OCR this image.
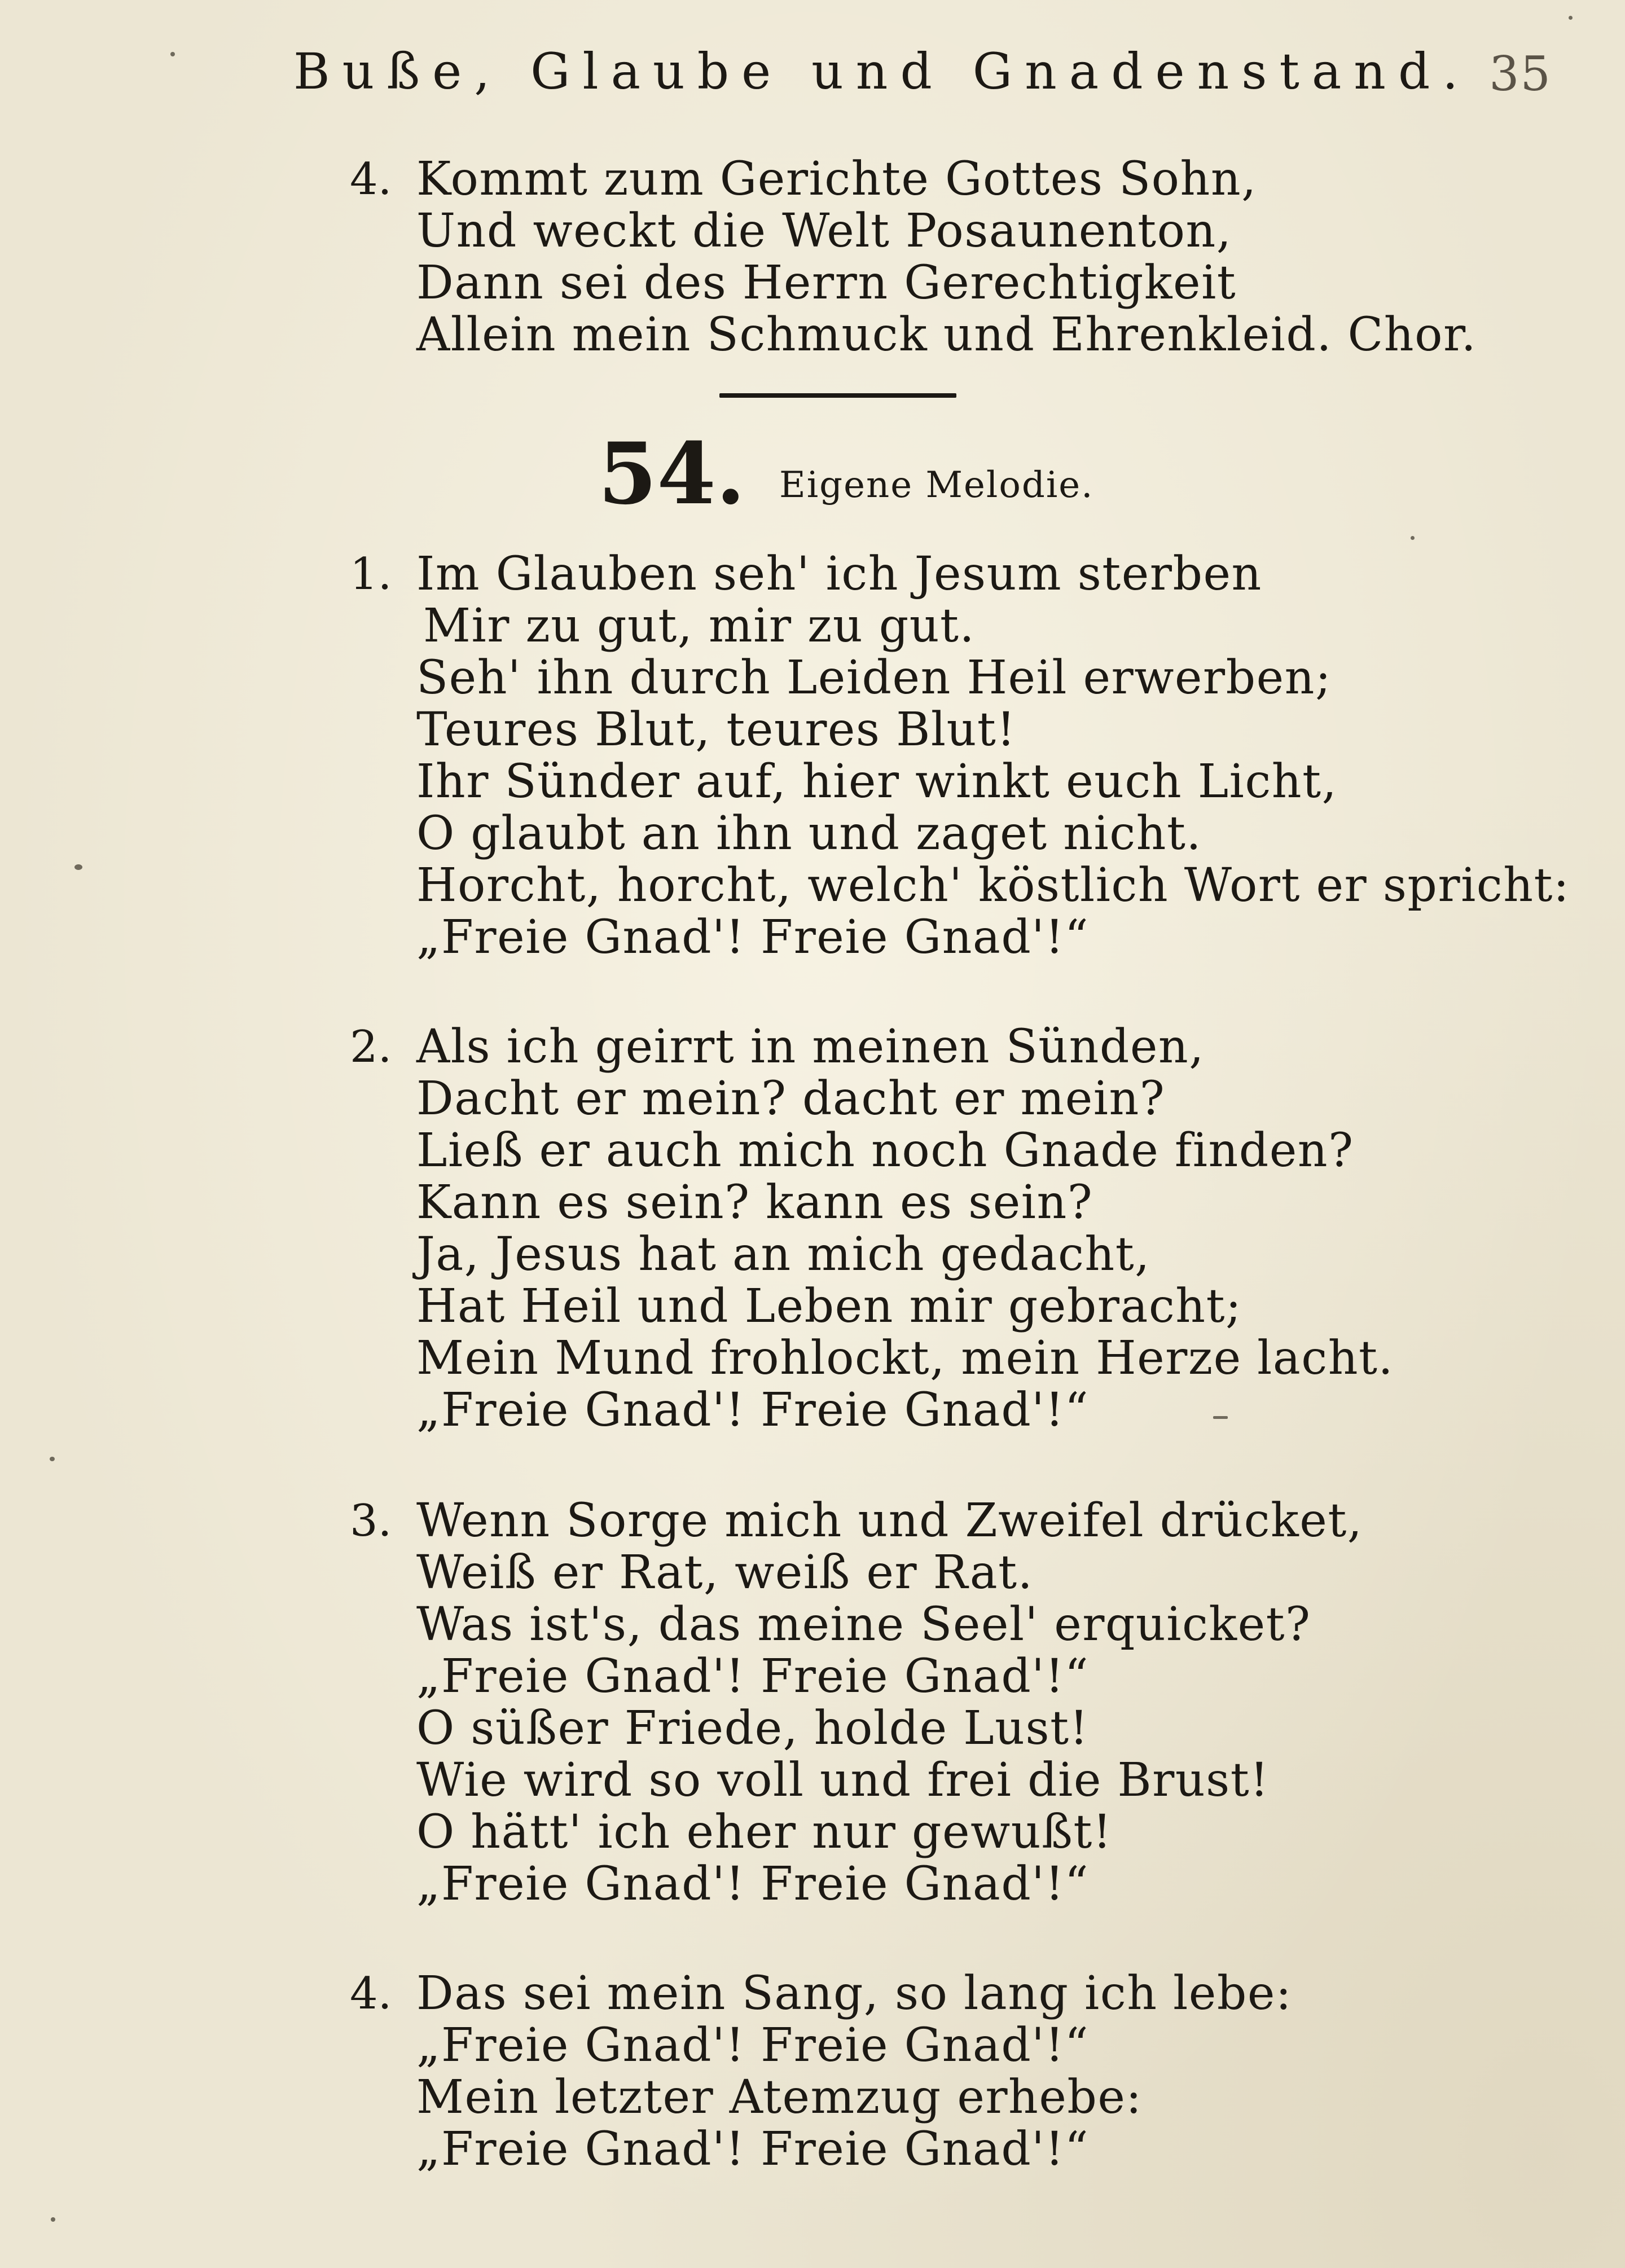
Buße, Glaube und Gnadenstand. 35
4. Kommt zum Gerichte Gottes Sohn,
Und weckt die Welt Posaunenton,
Dann sei des Herrn Gerechtigkeit
Allein mein Schmuck und Ehrenkleid. Chor.
54. Eigene Melodie.
1. Im Glauben seh' ich Jesum sterben
Mir zu gut, mir zu gut.
Seh' ihn durch Leiden Heil erwerben;
Teures Blut, teures Blut!
Ihr Sünder auf, hier winkt euch Licht,
O glaubt an ihn und zaget nicht.
Horcht, horcht, welch' köstlich Wort er spricht:
„Freie Gnad'! Freie Gnad'!“
2. Als ich geirrt in meinen Sünden,
Dacht er mein? dacht er mein?
Ließ er auch mich noch Gnade finden?
Kann es sein? kann es sein?
Ja, Jesus hat an mich gedacht,
Hat Heil und Leben mir gebracht;
Mein Mund frohlockt, mein Herze lacht.
„Freie Gnad'! Freie Gnad'!“
3. Wenn Sorge mich und Zweifel drücket,
Weiß er Rat, weiß er Rat.
Was ist's, das meine Seel' erquicket?
„Freie Gnad'! Freie Gnad'!“
O süßer Friede, holde Lust!
Wie wird so voll und frei die Brust!
O hätt' ich eher nur gewußt!
„Freie Gnad'! Freie Gnad'!“
4. Das sei mein Sang, so lang ich lebe:
„Freie Gnad'! Freie Gnad'!“
Mein letzter Atemzug erhebe:
„Freie Gnad'! Freie Gnad'!“
